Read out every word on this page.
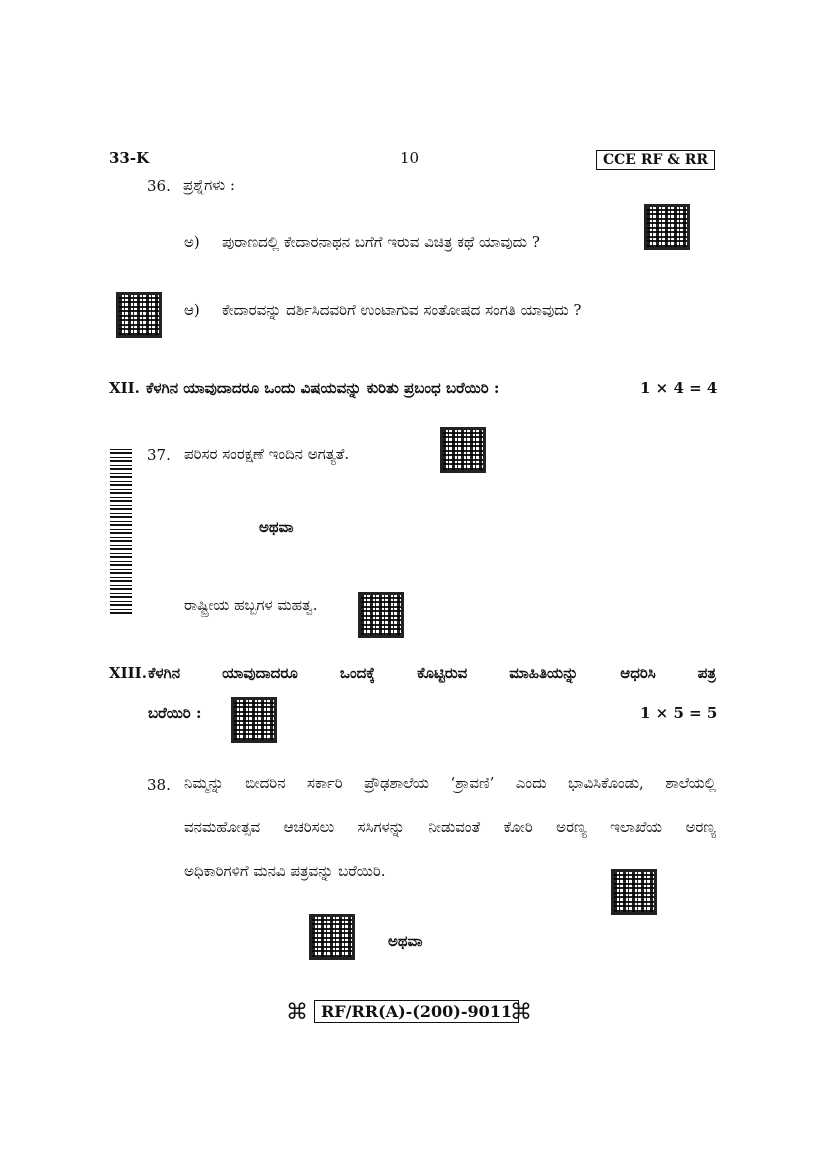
33-K	10	CCE RF & RR
36. ಪ್ರಶ್ನೆಗಳು :
ಅ) ಪುರಾಣದಲ್ಲಿ ಕೇದಾರನಾಥನ ಬಗೆಗೆ ಇರುವ ವಿಚಿತ್ರ ಕಥೆ ಯಾವುದು ?
ಆ) ಕೇದಾರವನ್ನು ದರ್ಶಿಸಿದವರಿಗೆ ಉಂಟಾಗುವ ಸಂತೋಷದ ಸಂಗತಿ ಯಾವುದು ?
XII. ಕೆಳಗಿನ ಯಾವುದಾದರೂ ಒಂದು ವಿಷಯವನ್ನು ಕುರಿತು ಪ್ರಬಂಧ ಬರೆಯಿರಿ :	1 × 4 = 4
37. ಪರಿಸರ ಸಂರಕ್ಷಣೆ ಇಂದಿನ ಅಗತ್ಯತೆ.
ಅಥವಾ
ರಾಷ್ಟ್ರೀಯ ಹಬ್ಬಗಳ ಮಹತ್ವ.
XIII. ಕೆಳಗಿನ ಯಾವುದಾದರೂ ಒಂದಕ್ಕೆ ಕೊಟ್ಟಿರುವ ಮಾಹಿತಿಯನ್ನು ಆಧರಿಸಿ ಪತ್ರ
ಬರೆಯಿರಿ :	1 × 5 = 5
38. ನಿಮ್ಮನ್ನು ಬೀದರಿನ ಸರ್ಕಾರಿ ಪ್ರೌಢಶಾಲೆಯ ‘ಶ್ರಾವಣಿ’ ಎಂದು ಭಾವಿಸಿಕೊಂಡು, ಶಾಲೆಯಲ್ಲಿ
ವನಮಹೋತ್ಸವ ಆಚರಿಸಲು ಸಸಿಗಳನ್ನು ನೀಡುವಂತೆ ಕೋರಿ ಅರಣ್ಯ ಇಲಾಖೆಯ ಅರಣ್ಯ
ಅಧಿಕಾರಿಗಳಿಗೆ ಮನವಿ ಪತ್ರವನ್ನು ಬರೆಯಿರಿ.
ಅಥವಾ
⌘ RF/RR(A)-(200)-9011
⌘
